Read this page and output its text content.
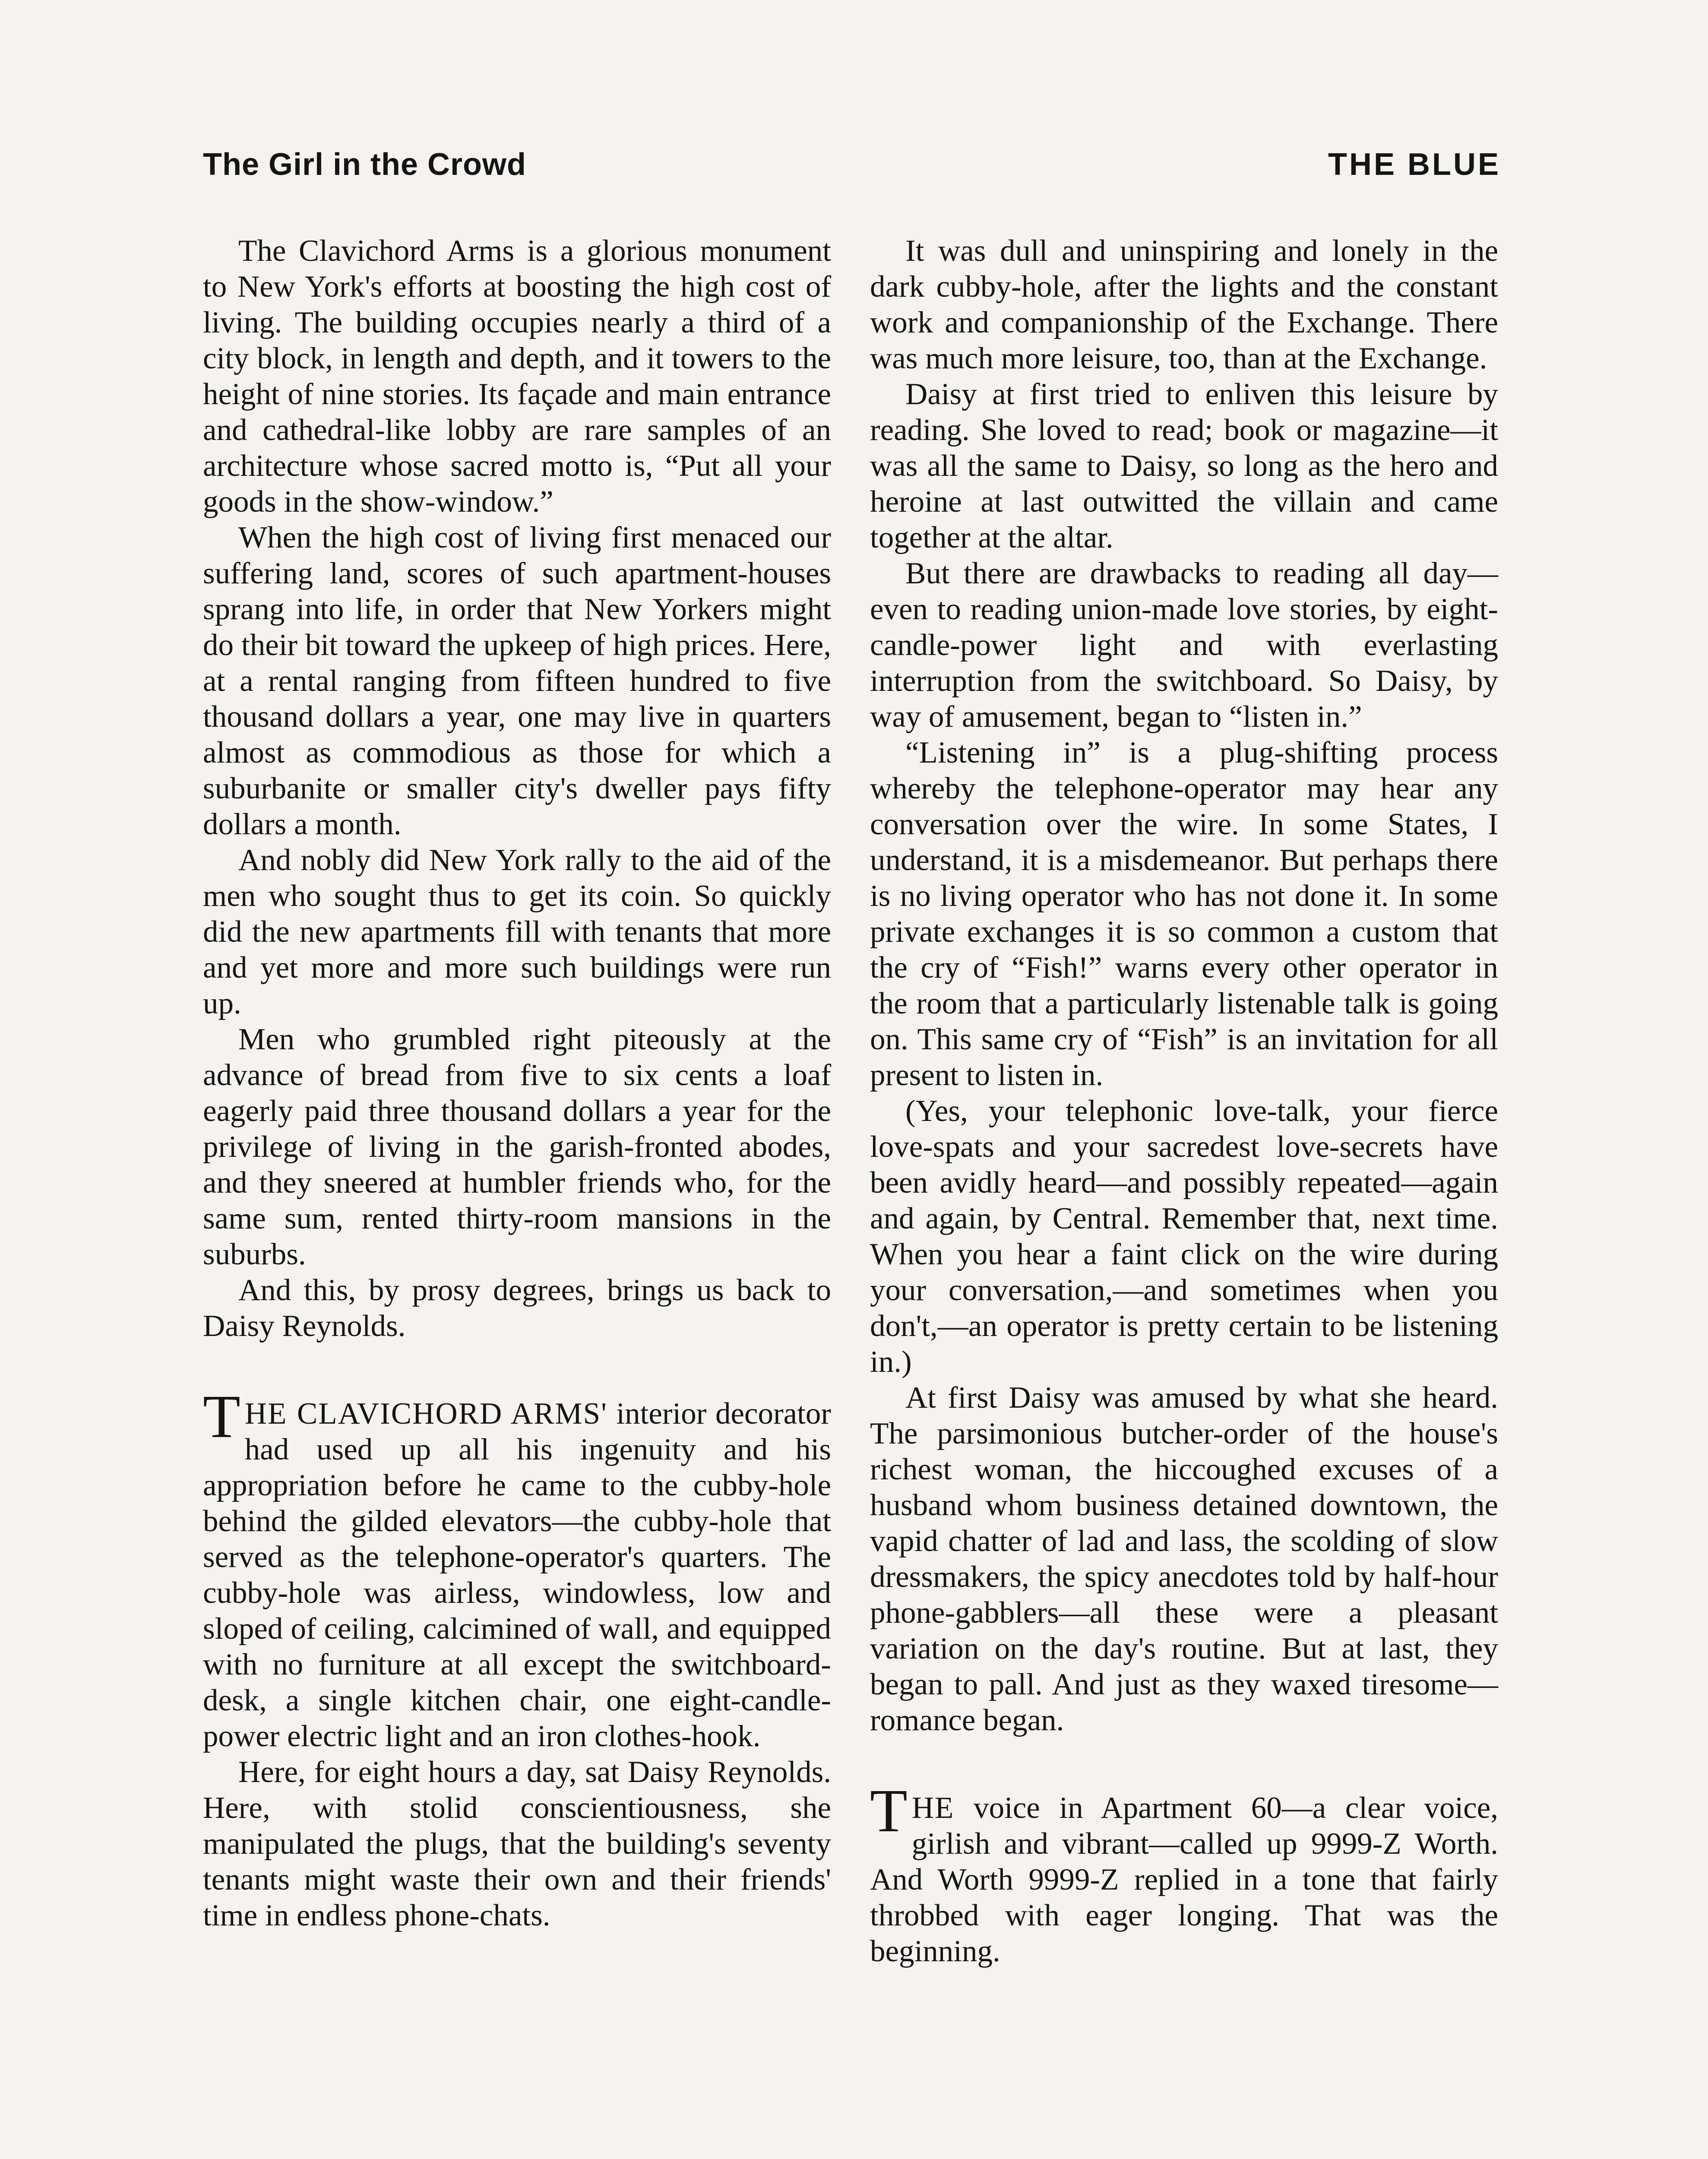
The Girl in the Crowd	THE BLUE

The Clavichord Arms is a glorious monument to New York's efforts at boosting the high cost of living. The building occupies nearly a third of a city block, in length and depth, and it towers to the height of nine stories. Its façade and main entrance and cathedral-like lobby are rare samples of an architecture whose sacred motto is, “Put all your goods in the show-window.”

When the high cost of living first menaced our suffering land, scores of such apartment-houses sprang into life, in order that New Yorkers might do their bit toward the upkeep of high prices. Here, at a rental ranging from fifteen hundred to five thousand dollars a year, one may live in quarters almost as commodious as those for which a suburbanite or smaller city's dweller pays fifty dollars a month.

And nobly did New York rally to the aid of the men who sought thus to get its coin. So quickly did the new apartments fill with tenants that more and yet more and more such buildings were run up.

Men who grumbled right piteously at the advance of bread from five to six cents a loaf eagerly paid three thousand dollars a year for the privilege of living in the garish-fronted abodes, and they sneered at humbler friends who, for the same sum, rented thirty-room mansions in the suburbs.

And this, by prosy degrees, brings us back to Daisy Reynolds.

THE CLAVICHORD ARMS' interior decorator had used up all his ingenuity and his appropriation before he came to the cubby-hole behind the gilded elevators—the cubby-hole that served as the telephone-operator's quarters. The cubby-hole was airless, windowless, low and sloped of ceiling, calcimined of wall, and equipped with no furniture at all except the switchboard-desk, a single kitchen chair, one eight-candle-power electric light and an iron clothes-hook.

Here, for eight hours a day, sat Daisy Reynolds. Here, with stolid conscientiousness, she manipulated the plugs, that the building's seventy tenants might waste their own and their friends' time in endless phone-chats.

It was dull and uninspiring and lonely in the dark cubby-hole, after the lights and the constant work and companionship of the Exchange. There was much more leisure, too, than at the Exchange.

Daisy at first tried to enliven this leisure by reading. She loved to read; book or magazine—it was all the same to Daisy, so long as the hero and heroine at last outwitted the villain and came together at the altar.

But there are drawbacks to reading all day—even to reading union-made love stories, by eight-candle-power light and with everlasting interruption from the switchboard. So Daisy, by way of amusement, began to “listen in.”

“Listening in” is a plug-shifting process whereby the telephone-operator may hear any conversation over the wire. In some States, I understand, it is a misdemeanor. But perhaps there is no living operator who has not done it. In some private exchanges it is so common a custom that the cry of “Fish!” warns every other operator in the room that a particularly listenable talk is going on. This same cry of “Fish” is an invitation for all present to listen in.

(Yes, your telephonic love-talk, your fierce love-spats and your sacredest love-secrets have been avidly heard—and possibly repeated—again and again, by Central. Remember that, next time. When you hear a faint click on the wire during your conversation,—and sometimes when you don't,—an operator is pretty certain to be listening in.)

At first Daisy was amused by what she heard. The parsimonious butcher-order of the house's richest woman, the hiccoughed excuses of a husband whom business detained downtown, the vapid chatter of lad and lass, the scolding of slow dressmakers, the spicy anecdotes told by half-hour phone-gabblers—all these were a pleasant variation on the day's routine. But at last, they began to pall. And just as they waxed tiresome—romance began.

THE voice in Apartment 60—a clear voice, girlish and vibrant—called up 9999-Z Worth. And Worth 9999-Z replied in a tone that fairly throbbed with eager longing. That was the beginning.
